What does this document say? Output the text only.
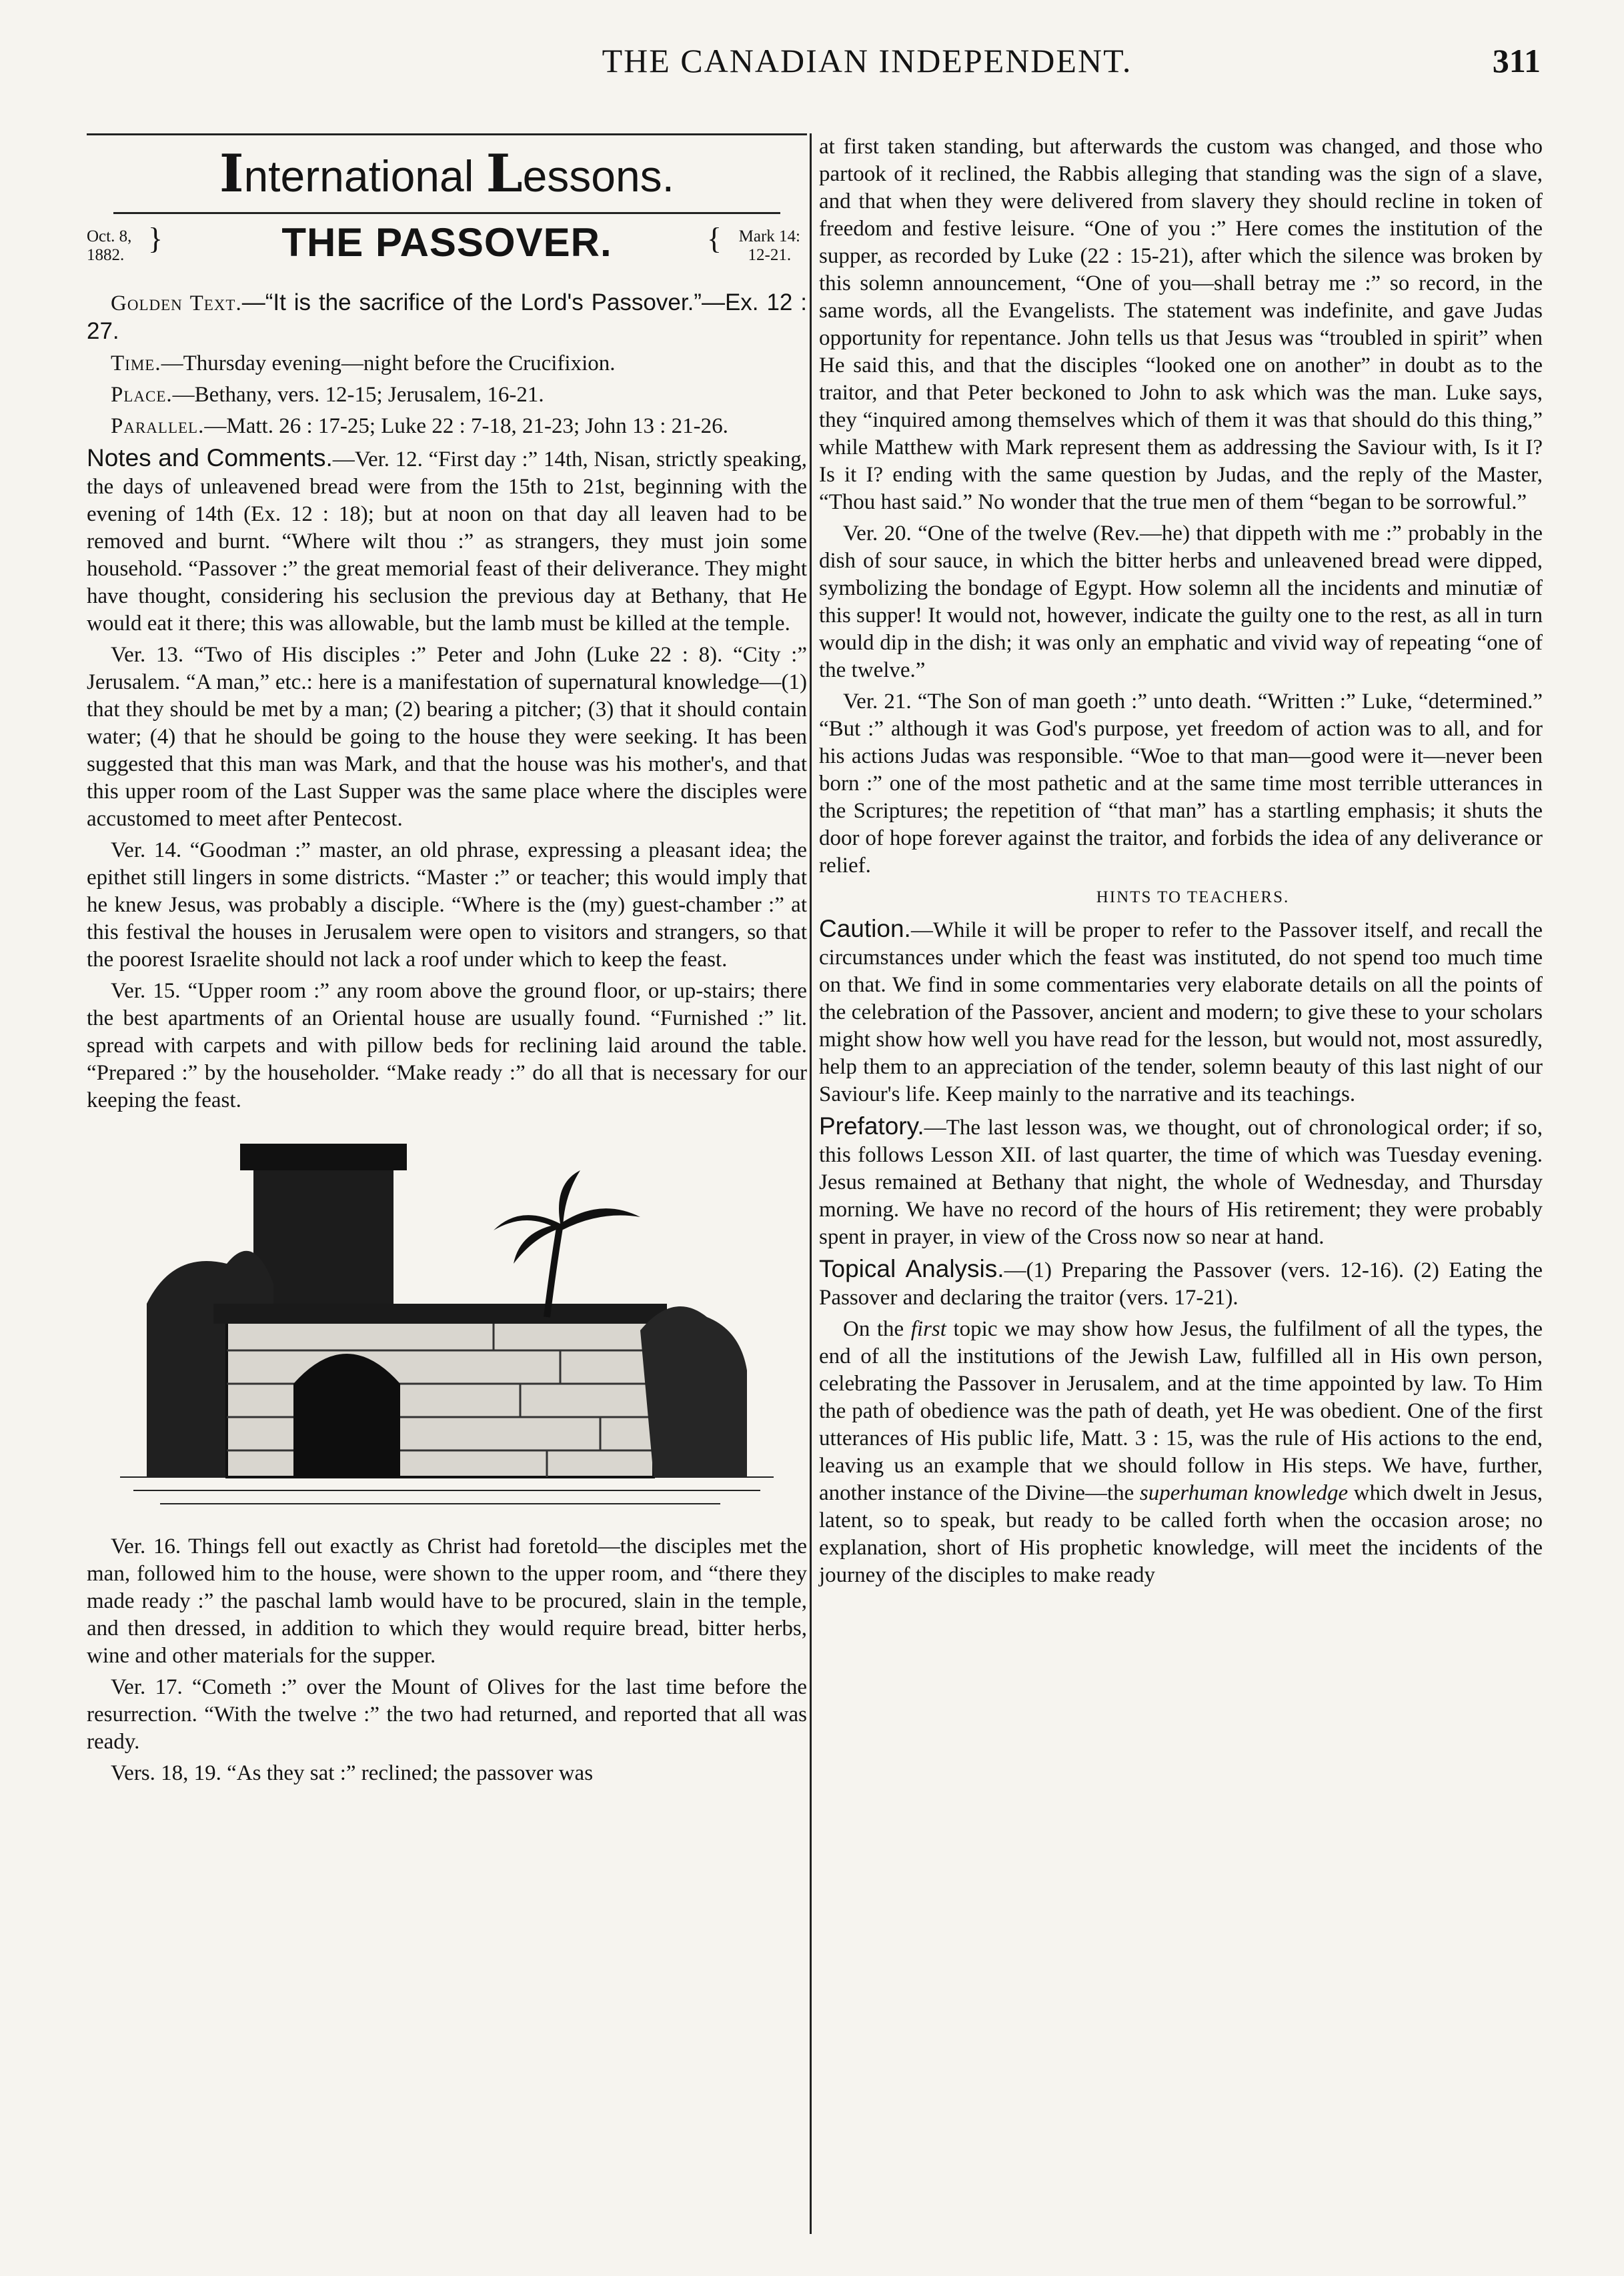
THE CANADIAN INDEPENDENT.	311
International Lessons.
Oct. 8,
1882. }	THE PASSOVER.	{ Mark 14:
12-21.

Golden Text.—“It is the sacrifice of the Lord's Passover.”—Ex. 12 : 27.

Time.—Thursday evening—night before the Crucifixion.

Place.—Bethany, vers. 12-15; Jerusalem, 16-21.

Parallel.—Matt. 26 : 17-25; Luke 22 : 7-18, 21-23; John 13 : 21-26.

Notes and Comments.—Ver. 12. “First day :” 14th, Nisan, strictly speaking, the days of unleavened bread were from the 15th to 21st, beginning with the evening of 14th (Ex. 12 : 18); but at noon on that day all leaven had to be removed and burnt. “Where wilt thou :” as strangers, they must join some household. “Passover :” the great memorial feast of their deliverance. They might have thought, considering his seclusion the previous day at Bethany, that He would eat it there; this was allowable, but the lamb must be killed at the temple.

Ver. 13. “Two of His disciples :” Peter and John (Luke 22 : 8). “City :” Jerusalem. “A man,” etc.: here is a manifestation of supernatural knowledge—(1) that they should be met by a man; (2) bearing a pitcher; (3) that it should contain water; (4) that he should be going to the house they were seeking. It has been suggested that this man was Mark, and that the house was his mother's, and that this upper room of the Last Supper was the same place where the disciples were accustomed to meet after Pentecost.

Ver. 14. “Goodman :” master, an old phrase, expressing a pleasant idea; the epithet still lingers in some districts. “Master :” or teacher; this would imply that he knew Jesus, was probably a disciple. “Where is the (my) guest-chamber :” at this festival the houses in Jerusalem were open to visitors and strangers, so that the poorest Israelite should not lack a roof under which to keep the feast.

Ver. 15. “Upper room :” any room above the ground floor, or up-stairs; there the best apartments of an Oriental house are usually found. “Furnished :” lit. spread with carpets and with pillow beds for reclining laid around the table. “Prepared :” by the householder. “Make ready :” do all that is necessary for our keeping the feast.

Ver. 16. Things fell out exactly as Christ had foretold—the disciples met the man, followed him to the house, were shown to the upper room, and “there they made ready :” the paschal lamb would have to be procured, slain in the temple, and then dressed, in addition to which they would require bread, bitter herbs, wine and other materials for the supper.

Ver. 17. “Cometh :” over the Mount of Olives for the last time before the resurrection. “With the twelve :” the two had returned, and reported that all was ready.

Vers. 18, 19. “As they sat :” reclined; the passover was

at first taken standing, but afterwards the custom was changed, and those who partook of it reclined, the Rabbis alleging that standing was the sign of a slave, and that when they were delivered from slavery they should recline in token of freedom and festive leisure. “One of you :” Here comes the institution of the supper, as recorded by Luke (22 : 15-21), after which the silence was broken by this solemn announcement, “One of you—shall betray me :” so record, in the same words, all the Evangelists. The statement was indefinite, and gave Judas opportunity for repentance. John tells us that Jesus was “troubled in spirit” when He said this, and that the disciples “looked one on another” in doubt as to the traitor, and that Peter beckoned to John to ask which was the man. Luke says, they “inquired among themselves which of them it was that should do this thing,” while Matthew with Mark represent them as addressing the Saviour with, Is it I? Is it I? ending with the same question by Judas, and the reply of the Master, “Thou hast said.” No wonder that the true men of them “began to be sorrowful.”

Ver. 20. “One of the twelve (Rev.—he) that dippeth with me :” probably in the dish of sour sauce, in which the bitter herbs and unleavened bread were dipped, symbolizing the bondage of Egypt. How solemn all the incidents and minutiæ of this supper! It would not, however, indicate the guilty one to the rest, as all in turn would dip in the dish; it was only an emphatic and vivid way of repeating “one of the twelve.”

Ver. 21. “The Son of man goeth :” unto death. “Written :” Luke, “determined.” “But :” although it was God's purpose, yet freedom of action was to all, and for his actions Judas was responsible. “Woe to that man—good were it—never been born :” one of the most pathetic and at the same time most terrible utterances in the Scriptures; the repetition of “that man” has a startling emphasis; it shuts the door of hope forever against the traitor, and forbids the idea of any deliverance or relief.

HINTS TO TEACHERS.

Caution.—While it will be proper to refer to the Passover itself, and recall the circumstances under which the feast was instituted, do not spend too much time on that. We find in some commentaries very elaborate details on all the points of the celebration of the Passover, ancient and modern; to give these to your scholars might show how well you have read for the lesson, but would not, most assuredly, help them to an appreciation of the tender, solemn beauty of this last night of our Saviour's life. Keep mainly to the narrative and its teachings.

Prefatory.—The last lesson was, we thought, out of chronological order; if so, this follows Lesson XII. of last quarter, the time of which was Tuesday evening. Jesus remained at Bethany that night, the whole of Wednesday, and Thursday morning. We have no record of the hours of His retirement; they were probably spent in prayer, in view of the Cross now so near at hand.

Topical Analysis.—(1) Preparing the Passover (vers. 12-16). (2) Eating the Passover and declaring the traitor (vers. 17-21).

On the first topic we may show how Jesus, the fulfilment of all the types, the end of all the institutions of the Jewish Law, fulfilled all in His own person, celebrating the Passover in Jerusalem, and at the time appointed by law. To Him the path of obedience was the path of death, yet He was obedient. One of the first utterances of His public life, Matt. 3 : 15, was the rule of His actions to the end, leaving us an example that we should follow in His steps. We have, further, another instance of the Divine—the superhuman knowledge which dwelt in Jesus, latent, so to speak, but ready to be called forth when the occasion arose; no explanation, short of His prophetic knowledge, will meet the incidents of the journey of the disciples to make ready
